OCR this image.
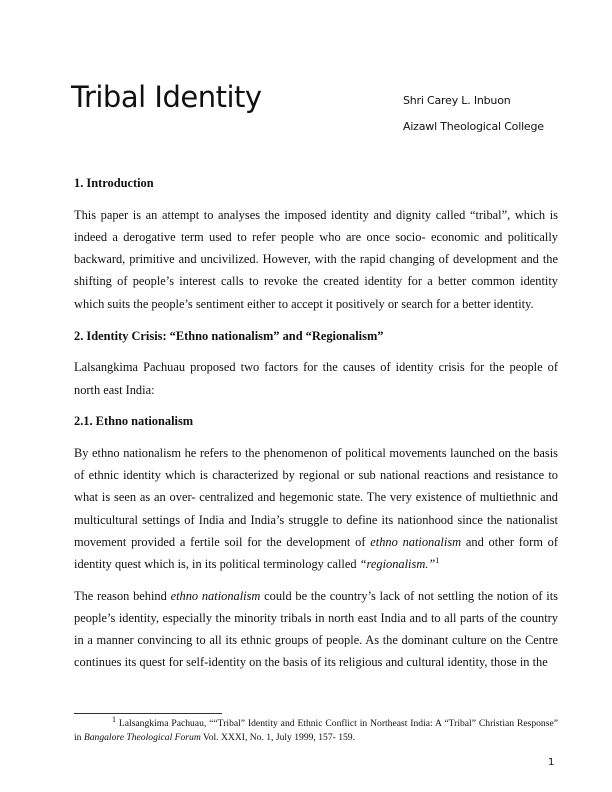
Tribal Identity	Shri Carey L. Inbuon
Aizawl Theological College
1. Introduction

This paper is an attempt to analyses the imposed identity and dignity called “tribal”, which is indeed a derogative term used to refer people who are once socio- economic and politically backward, primitive and uncivilized. However, with the rapid changing of development and the shifting of people’s interest calls to revoke the created identity for a better common identity which suits the people’s sentiment either to accept it positively or search for a better identity.

2. Identity Crisis: “Ethno nationalism” and “Regionalism”

Lalsangkima Pachuau proposed two factors for the causes of identity crisis for the people of north east India:

2.1. Ethno nationalism

By ethno nationalism he refers to the phenomenon of political movements launched on the basis of ethnic identity which is characterized by regional or sub national reactions and resistance to what is seen as an over- centralized and hegemonic state. The very existence of multiethnic and multicultural settings of India and India’s struggle to define its nationhood since the nationalist movement provided a fertile soil for the development of ethno nationalism and other form of identity quest which is, in its political terminology called “regionalism.”$^1$

The reason behind ethno nationalism could be the country’s lack of not settling the notion of its people’s identity, especially the minority tribals in north east India and to all parts of the country in a manner convincing to all its ethnic groups of people. As the dominant culture on the Centre continues its quest for self-identity on the basis of its religious and cultural identity, those in the

$^1$ Lalsangkima Pachuau, ““Tribal” Identity and Ethnic Conflict in Northeast India: A “Tribal” Christian Response” in Bangalore Theological Forum Vol. XXXI, No. 1, July 1999, 157- 159.
1
